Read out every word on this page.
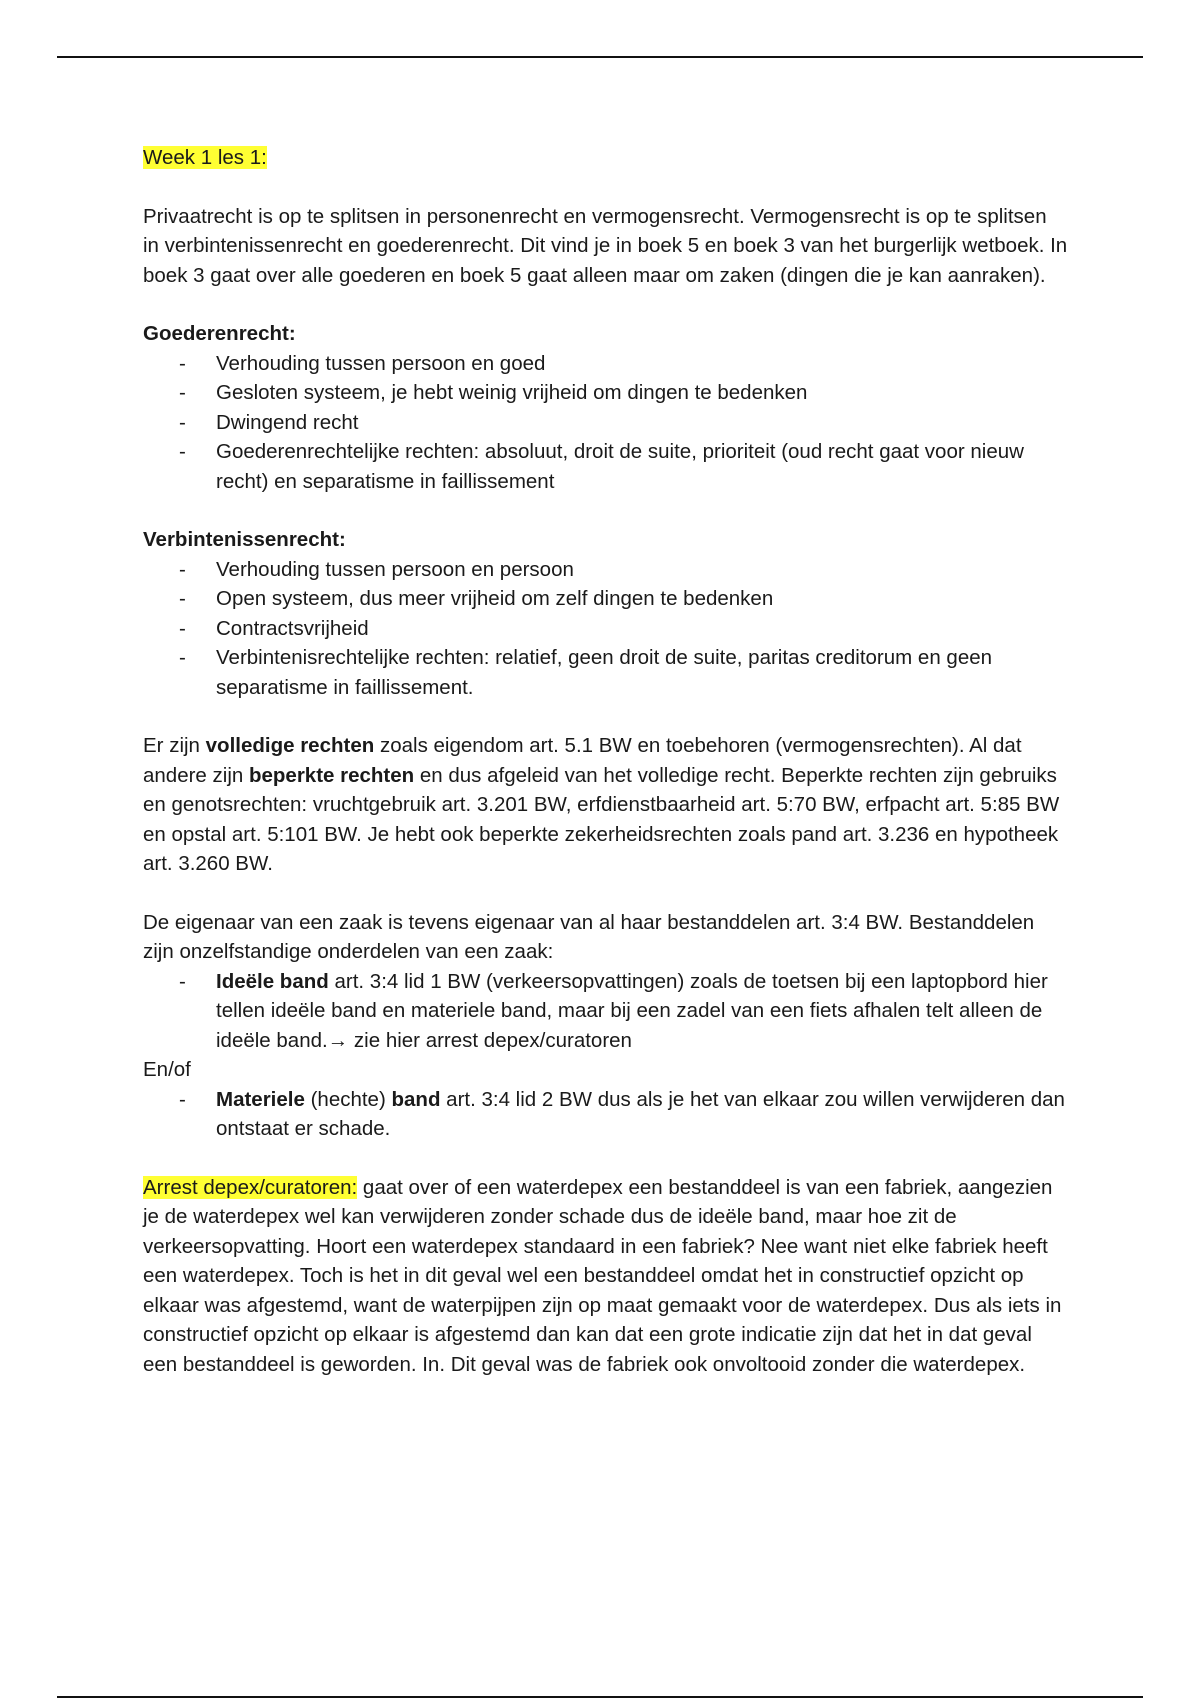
Week 1 les 1:

Privaatrecht is op te splitsen in personenrecht en vermogensrecht. Vermogensrecht is op te splitsen in verbintenissenrecht en goederenrecht. Dit vind je in boek 5 en boek 3 van het burgerlijk wetboek. In boek 3 gaat over alle goederen en boek 5 gaat alleen maar om zaken (dingen die je kan aanraken).

Goederenrecht:

- Verhouding tussen persoon en goed
- Gesloten systeem, je hebt weinig vrijheid om dingen te bedenken
- Dwingend recht
- Goederenrechtelijke rechten: absoluut, droit de suite, prioriteit (oud recht gaat voor nieuw recht) en separatisme in faillissement

Verbintenissenrecht:

- Verhouding tussen persoon en persoon
- Open systeem, dus meer vrijheid om zelf dingen te bedenken
- Contractsvrijheid
- Verbintenisrechtelijke rechten: relatief, geen droit de suite, paritas creditorum en geen separatisme in faillissement.

Er zijn volledige rechten zoals eigendom art. 5.1 BW en toebehoren (vermogensrechten). Al dat andere zijn beperkte rechten en dus afgeleid van het volledige recht. Beperkte rechten zijn gebruiks en genotsrechten: vruchtgebruik art. 3.201 BW, erfdienstbaarheid art. 5:70 BW, erfpacht art. 5:85 BW en opstal art. 5:101 BW. Je hebt ook beperkte zekerheidsrechten zoals pand art. 3.236 en hypotheek art. 3.260 BW.

De eigenaar van een zaak is tevens eigenaar van al haar bestanddelen art. 3:4 BW. Bestanddelen zijn onzelfstandige onderdelen van een zaak:

- Ideële band art. 3:4 lid 1 BW (verkeersopvattingen) zoals de toetsen bij een laptopbord hier tellen ideële band en materiele band, maar bij een zadel van een fiets afhalen telt alleen de ideële band.→ zie hier arrest depex/curatoren

En/of

- Materiele (hechte) band art. 3:4 lid 2 BW dus als je het van elkaar zou willen verwijderen dan ontstaat er schade.

Arrest depex/curatoren: gaat over of een waterdepex een bestanddeel is van een fabriek, aangezien je de waterdepex wel kan verwijderen zonder schade dus de ideële band, maar hoe zit de verkeersopvatting. Hoort een waterdepex standaard in een fabriek? Nee want niet elke fabriek heeft een waterdepex. Toch is het in dit geval wel een bestanddeel omdat het in constructief opzicht op elkaar was afgestemd, want de waterpijpen zijn op maat gemaakt voor de waterdepex. Dus als iets in constructief opzicht op elkaar is afgestemd dan kan dat een grote indicatie zijn dat het in dat geval een bestanddeel is geworden. In. Dit geval was de fabriek ook onvoltooid zonder die waterdepex.
